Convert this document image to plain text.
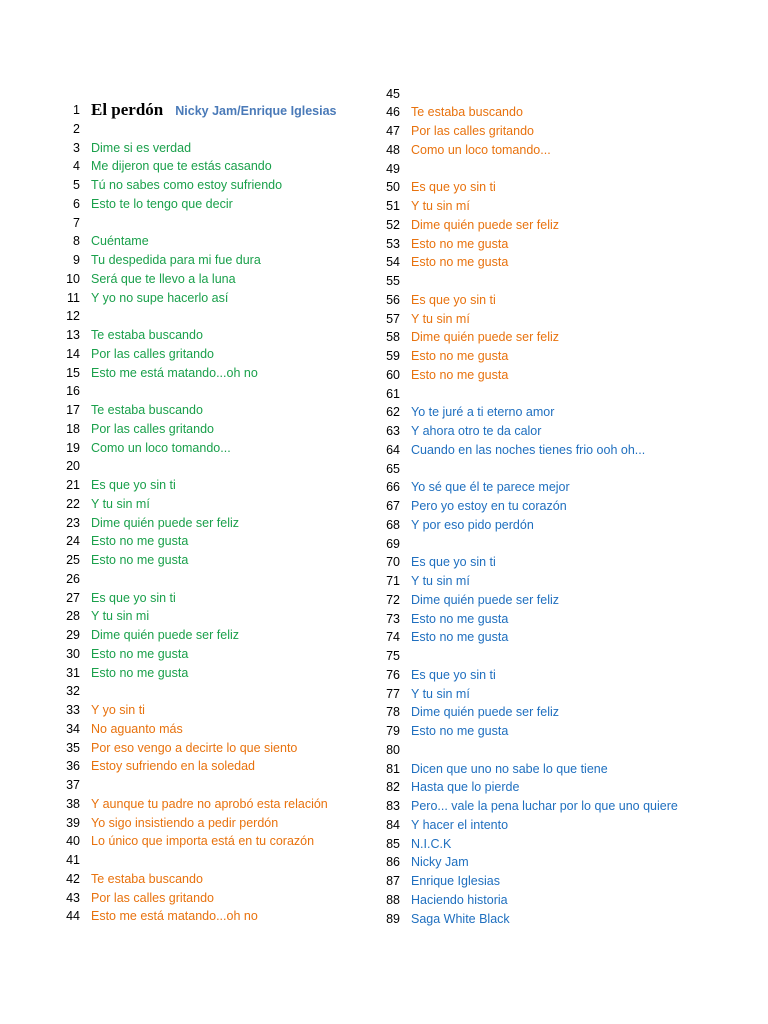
1 El perdón Nicky Jam/Enrique Iglesias
2
3 Dime si es verdad
4 Me dijeron que te estás casando
5 Tú no sabes como estoy sufriendo
6 Esto te lo tengo que decir
7
8 Cuéntame
9 Tu despedida para mi fue dura
10 Será que te llevo a la luna
11 Y yo no supe hacerlo así
12
13 Te estaba buscando
14 Por las calles gritando
15 Esto me está matando...oh no
16
17 Te estaba buscando
18 Por las calles gritando
19 Como un loco tomando...
20
21 Es que yo sin ti
22 Y tu sin mí
23 Dime quién puede ser feliz
24 Esto no me gusta
25 Esto no me gusta
26
27 Es que yo sin ti
28 Y tu sin mi
29 Dime quién puede ser feliz
30 Esto no me gusta
31 Esto no me gusta
32
33 Y yo sin ti
34 No aguanto más
35 Por eso vengo a decirte lo que siento
36 Estoy sufriendo en la soledad
37
38 Y aunque tu padre no aprobó esta relación
39 Yo sigo insistiendo a pedir perdón
40 Lo único que importa está en tu corazón
41
42 Te estaba buscando
43 Por las calles gritando
44 Esto me está matando...oh no
45
46 Te estaba buscando
47 Por las calles gritando
48 Como un loco tomando...
49
50 Es que yo sin ti
51 Y tu sin mí
52 Dime quién puede ser feliz
53 Esto no me gusta
54 Esto no me gusta
55
56 Es que yo sin ti
57 Y tu sin mí
58 Dime quién puede ser feliz
59 Esto no me gusta
60 Esto no me gusta
61
62 Yo te juré a ti eterno amor
63 Y ahora otro te da calor
64 Cuando en las noches tienes frio ooh oh...
65
66 Yo sé que él te parece mejor
67 Pero yo estoy en tu corazón
68 Y por eso pido perdón
69
70 Es que yo sin ti
71 Y tu sin mí
72 Dime quién puede ser feliz
73 Esto no me gusta
74 Esto no me gusta
75
76 Es que yo sin ti
77 Y tu sin mí
78 Dime quién puede ser feliz
79 Esto no me gusta
80
81 Dicen que uno no sabe lo que tiene
82 Hasta que lo pierde
83 Pero... vale la pena luchar por lo que uno quiere
84 Y hacer el intento
85 N.I.C.K
86 Nicky Jam
87 Enrique Iglesias
88 Haciendo historia
89 Saga White Black
